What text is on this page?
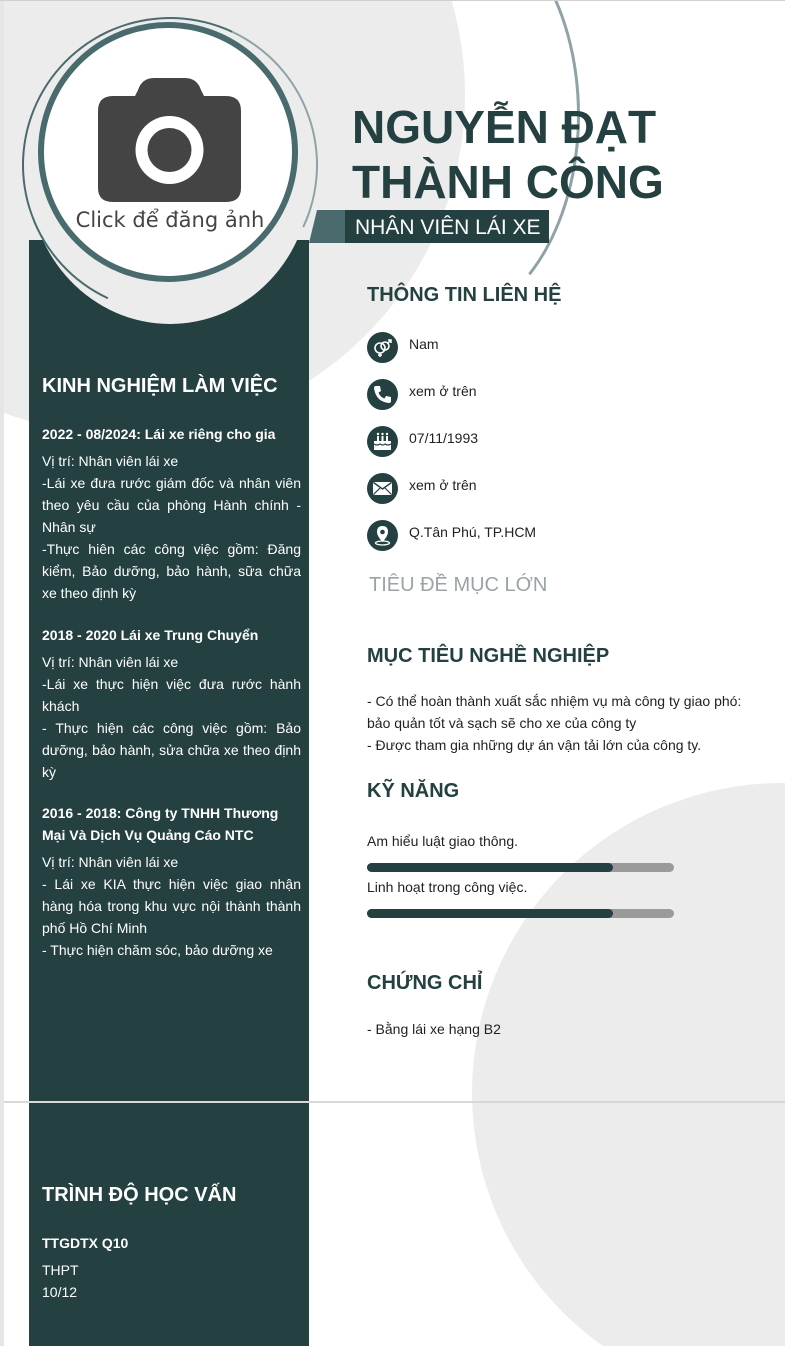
Click để đăng ảnh
NGUYỄN ĐẠT
THÀNH CÔNG
NHÂN VIÊN LÁI XE
THÔNG TIN LIÊN HỆ
Nam
xem ở trên
07/11/1993
xem ở trên
Q.Tân Phú, TP.HCM
TIÊU ĐỀ MỤC LỚN
MỤC TIÊU NGHỀ NGHIỆP
- Có thể hoàn thành xuất sắc nhiệm vụ mà công ty giao phó: bảo quản tốt và sạch sẽ cho xe của công ty
- Được tham gia những dự án vận tải lớn của công ty.
KỸ NĂNG
Am hiểu luật giao thông.
Linh hoạt trong công việc.
CHỨNG CHỈ
- Bằng lái xe hạng B2
KINH NGHIỆM LÀM VIỆC
2022 - 08/2024: Lái xe riêng cho gia
Vị trí: Nhân viên lái xe
-Lái xe đưa rước giám đốc và nhân viên theo yêu cầu của phòng Hành chính - Nhân sự
-Thực hiên các công việc gồm: Đăng kiểm, Bảo dưỡng, bảo hành, sữa chữa xe theo định kỳ
2018 - 2020 Lái xe Trung Chuyển
Vị trí: Nhân viên lái xe
-Lái xe thực hiện việc đưa rước hành khách
- Thực hiện các công việc gồm: Bảo dưỡng, bảo hành, sửa chữa xe theo định kỳ
2016 - 2018: Công ty TNHH Thương Mại Và Dịch Vụ Quảng Cáo NTC
Vị trí: Nhân viên lái xe
- Lái xe KIA thực hiện việc giao nhận hàng hóa trong khu vực nội thành thành phố Hồ Chí Minh
- Thực hiện chăm sóc, bảo dưỡng xe
TRÌNH ĐỘ HỌC VẤN
TTGDTX Q10
THPT
10/12
